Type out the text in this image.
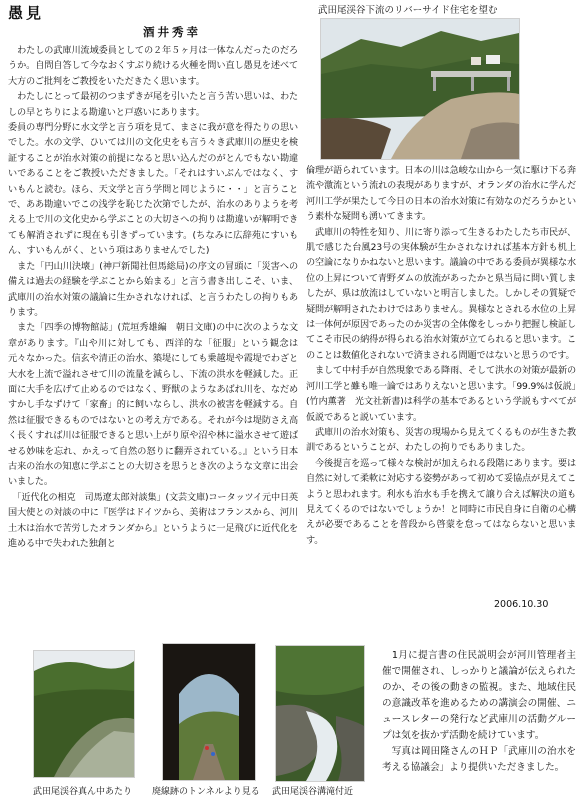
愚見
酒井秀幸

　わたしの武庫川流域委員としての２年５ヶ月は一体なんだったのだろうか。自問自答して今なおくすぶり続ける火種を問い直し愚見を述べて大方のご批判をご教授をいただきたく思います。

　わたしにとって最初のつまずきが尾を引いたと言う苦い思いは、わたしの早とちりによる勘違いと戸惑いにあります。

委員の専門分野に水文学と言う項を見て、まさに我が意を得たりの思いでした。水の文学、ひいては川の文化史をも言う々き武庫川の歴史を検証することが治水対策の前提になると思い込んだのがとんでもない勘違いであることをご教授いただきました。「それはすいぶんではなく、すいもんと読む。ほら、天文学と言う学問と同じように・・」と言うことで、ああ勘違いでこの浅学を恥じた次第でしたが、治水のありようを考える上で川の文化史から学ぶことの大切さへの拘りは勘違いが解明できても解消されずに現在も引きずっています。(ちなみに広辞苑にすいもん、すいもんがく、という項はありませんでした)

　また「円山川決壊」(神戸新聞社但馬総局)の序文の冒頭に「災害への備えは過去の経験を学ぶことから始まる」と言う書き出しこそ、いま、武庫川の治水対策の議論に生かされなければ、と言うわたしの拘りもあります。

　また「四季の博物館誌」(荒垣秀雄編　朝日文庫)の中に次のような文章があります。『山や川に対しても、西洋的な「征服」という観念は元々なかった。信玄や清正の治水、築堤にしても乗越堤や霞堤でわざと大水を上流で溢れさせて川の流量を減らし、下流の洪水を軽減した。正面に大手を広げて止めるのではなく、野獣のようなあばれ川を、なだめすかし手なずけて「家畜」的に飼いならし、洪水の被害を軽減する。自然は征服できるものではないとの考え方である。それが今は堤防さえ高く長くすれば川は征服できると思い上がり原や沼や林に溢水させて遊ばせる妙味を忘れ、かえって自然の怒りに翻弄されている。』という日本古来の治水の知恵に学ぶことの大切さを思うとき次のような文章に出会いました。

　「近代化の相克　司馬遼太郎対談集」(文芸文庫)コータッツイ元中日英国大使との対談の中に『医学はドイツから、美術はフランスから、河川土木は治水で苦労したオランダから』というように一足飛びに近代化を進める中で失われた独創と

武田尾渓谷下流のリバーサイド住宅を望む

倫理が語られています。日本の川は急峻な山から一気に駆け下る奔流や激流という流れの表現がありますが、オランダの治水に学んだ河川工学が果たして今日の日本の治水対策に有効なのだろうかという素朴な疑問も湧いてきます。

　武庫川の特性を知り、川に寄り添って生きるわたしたち市民が、肌で感じた台風23号の実体験が生かされなければ基本方針も机上の空論になりかねないと思います。議論の中である委員が異様な水位の上昇について青野ダムの放流があったかと県当局に問い質しましたが、県は放流はしていないと明言しました。しかしその質疑で疑問が解明されたわけではありません。異様なとされる水位の上昇は一体何が原因であったのか災害の全体像をしっかり把握し検証してこそ市民の納得が得られる治水対策が立てられると思います。このことは数値化されないで済まされる問題ではないと思うのです。

　まして中村手が自然現象である降雨、そして洪水の対策が最新の河川工学と雖も唯一論ではありえないと思います。「99.9%は仮説」(竹内薫著　光文社新書)は科学の基本であるという学説もすべてが仮説であると説いています。

　武庫川の治水対策も、災害の現場から見えてくるものが生きた教訓であるということが、わたしの拘りでもありました。

　今後提言を巡って様々な検討が加えられる段階にあります。要は自然に対して柔軟に対応する姿勢があって初めて妥協点が見えてこようと思われます。利水も治水も手を携えて譲り合えば解決の道も見えてくるのではないでしょうか！と同時に市民自身に自衛の心構えが必要であることを普段から啓蒙を怠ってはならないと思います。

2006.10.30
武田尾渓谷真ん中あたり 廃線跡のトンネルより見る 武田尾渓谷溝滝付近

　1月に提言書の住民説明会が河川管理者主催で開催され、しっかりと議論が伝えられたのか、その後の動きの監視。また、地域住民の意識改革を進めるための講演会の開催、ニュースレターの発行など武庫川の活動グループは気を抜かず活動を続けています。

　写真は岡田隆さんのＨＰ「武庫川の治水を考える協議会」より提供いただきました。
